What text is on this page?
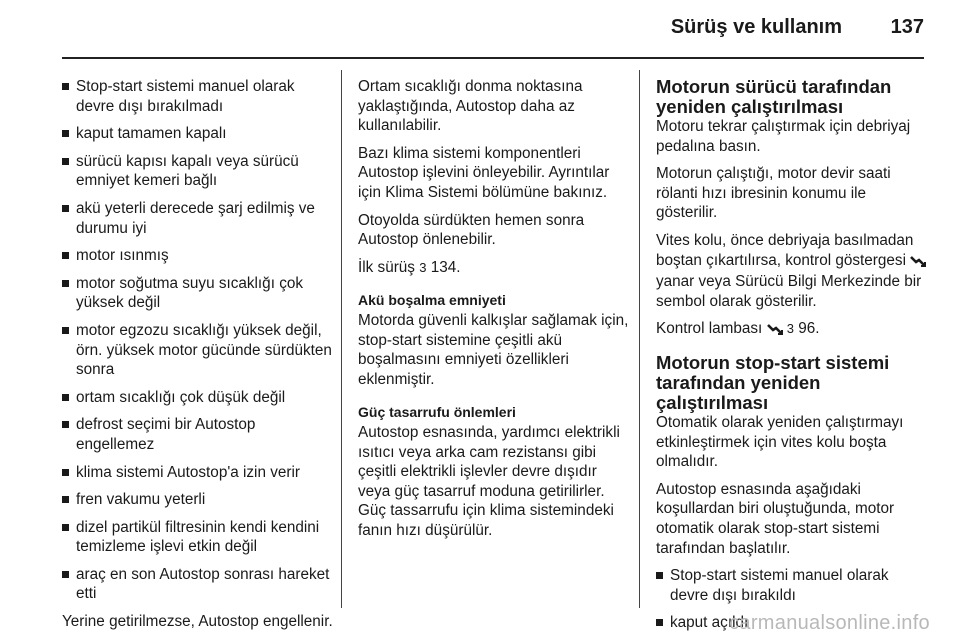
Sürüş ve kullanım 137
Stop-start sistemi manuel olarak devre dışı bırakılmadı
kaput tamamen kapalı
sürücü kapısı kapalı veya sürücü emniyet kemeri bağlı
akü yeterli derecede şarj edilmiş ve durumu iyi
motor ısınmış
motor soğutma suyu sıcaklığı çok yüksek değil
motor egzozu sıcaklığı yüksek değil, örn. yüksek motor gücünde sürdükten sonra
ortam sıcaklığı çok düşük değil
defrost seçimi bir Autostop engellemez
klima sistemi Autostop'a izin verir
fren vakumu yeterli
dizel partikül filtresinin kendi kendini temizleme işlevi etkin değil
araç en son Autostop sonrası hareket etti

Yerine getirilmezse, Autostop engellenir.

Ortam sıcaklığı donma noktasına yaklaştığında, Autostop daha az kullanılabilir.

Bazı klima sistemi komponentleri Autostop işlevini önleyebilir. Ayrıntılar için Klima Sistemi bölümüne bakınız.

Otoyolda sürdükten hemen sonra Autostop önlenebilir.

İlk sürüş 3 134.

Akü boşalma emniyeti

Motorda güvenli kalkışlar sağlamak için, stop-start sistemine çeşitli akü boşalmasını emniyeti özellikleri eklenmiştir.

Güç tasarrufu önlemleri

Autostop esnasında, yardımcı elektrikli ısıtıcı veya arka cam rezistansı gibi çeşitli elektrikli işlevler devre dışıdır veya güç tasarruf moduna getirilirler. Güç tassarrufu için klima sistemindeki fanın hızı düşürülür.

Motorun sürücü tarafından yeniden çalıştırılması

Motoru tekrar çalıştırmak için debriyaj pedalına basın.

Motorun çalıştığı, motor devir saati rölanti hızı ibresinin konumu ile gösterilir.

Vites kolu, önce debriyaja basılmadan boştan çıkartılırsa, kontrol göstergesi  yanar veya Sürücü Bilgi Merkezinde bir sembol olarak gösterilir.

Kontrol lambası 3 96.

Motorun stop-start sistemi tarafından yeniden çalıştırılması

Otomatik olarak yeniden çalıştırmayı etkinleştirmek için vites kolu boşta olmalıdır.

Autostop esnasında aşağıdaki koşullardan biri oluştuğunda, motor otomatik olarak stop-start sistemi tarafından başlatılır.

Stop-start sistemi manuel olarak devre dışı bırakıldı
kaput açıldı
carmanualsonline.info
